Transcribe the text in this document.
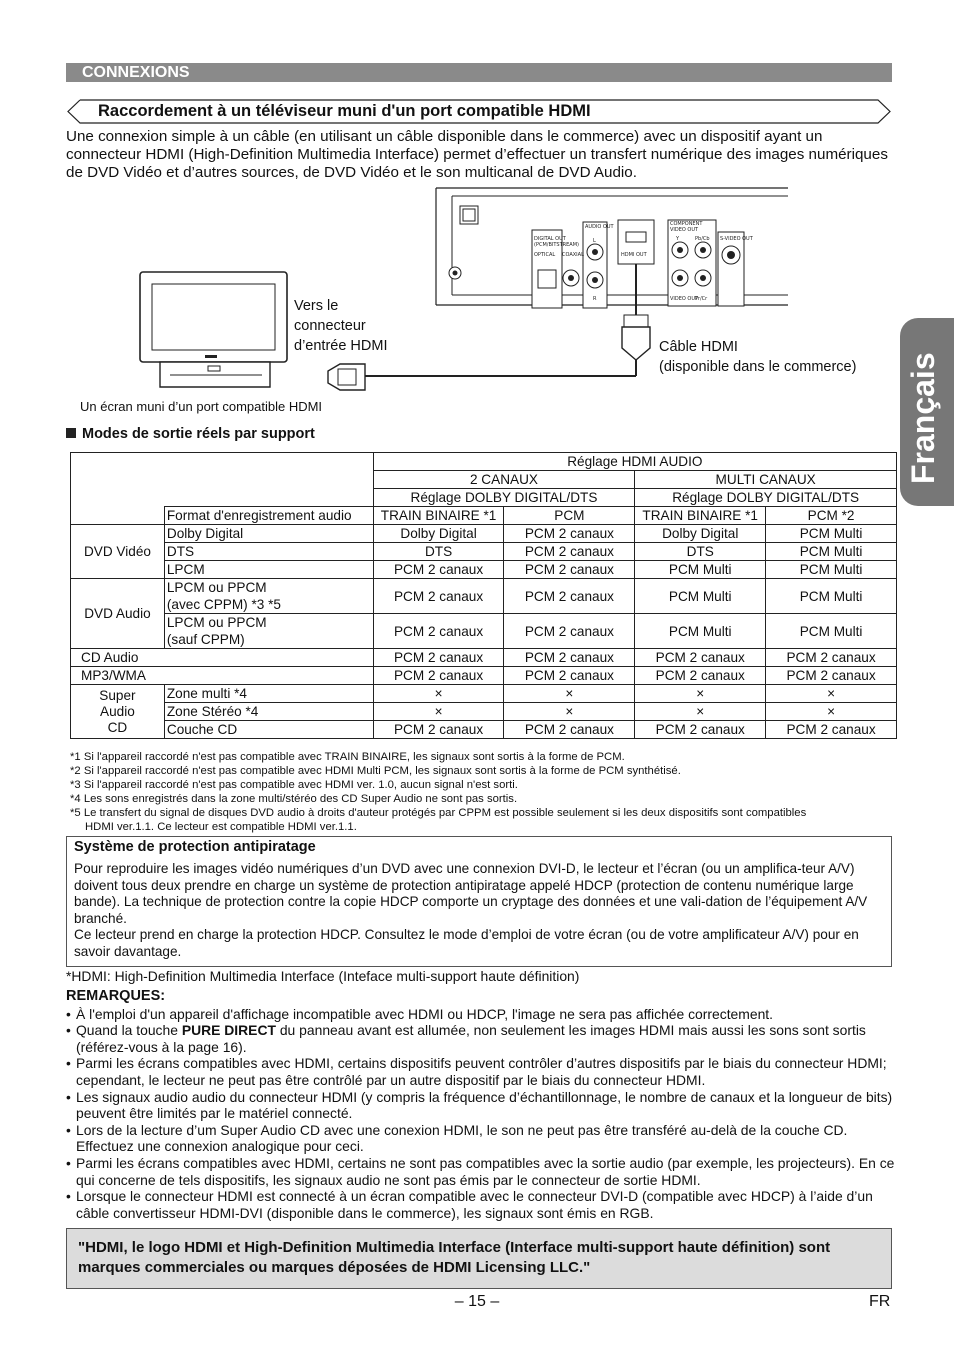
CONNEXIONS
Raccordement à un téléviseur muni d'un port compatible HDMI
Une connexion simple à un câble (en utilisant un câble disponible dans le commerce) avec un dispositif ayant un connecteur HDMI (High-Definition Multimedia Interface) permet d’effectuer un transfert numérique des images numériques de DVD Vidéo et d’autres sources, de DVD Vidéo et le son multicanal de DVD Audio.
Français
DIGITAL OUT
(PCM/BITSTREAM)
OPTICAL COAXIAL
AUDIO OUT
L
R
HDMI OUT
COMPONENT
VIDEO OUT
Y	Pb/Cb
Pr/Cr
S-VIDEO OUT
VIDEO OUT
Vers le
connecteur
d’entrée HDMI	Câble HDMI
(disponible dans le commerce)
Un écran muni d’un port compatible HDMI
Modes de sortie réels par support
		Réglage HDMI AUDIO			
		2 CANAUX		MULTI CANAUX	
		Réglage DOLBY DIGITAL/DTS		Réglage DOLBY DIGITAL/DTS	
	Format d'enregistrement audio	TRAIN BINAIRE *1	PCM	TRAIN BINAIRE *1	PCM *2
DVD Vidéo	Dolby Digital	Dolby Digital	PCM 2 canaux	Dolby Digital	PCM Multi
	DTS	DTS	PCM 2 canaux	DTS	PCM Multi
	LPCM	PCM 2 canaux	PCM 2 canaux	PCM Multi	PCM Multi
DVD Audio	LPCM ou PPCM
(avec CPPM) *3 *5	PCM 2 canaux	PCM 2 canaux	PCM Multi	PCM Multi

	LPCM ou PPCM
(sauf CPPM)	PCM 2 canaux	PCM 2 canaux	PCM Multi	PCM Multi
CD Audio		PCM 2 canaux	PCM 2 canaux	PCM 2 canaux	PCM 2 canaux
MP3/WMA		PCM 2 canaux	PCM 2 canaux	PCM 2 canaux	PCM 2 canaux

Super
Audio
CD	Zone multi *4	×	×	×	×
	Zone Stéréo *4	×	×	×	×
	Couche CD	PCM 2 canaux	PCM 2 canaux	PCM 2 canaux	PCM 2 canaux
*1 Si l'appareil raccordé n'est pas compatible avec TRAIN BINAIRE, les signaux sont sortis à la forme de PCM.
*2 Si l'appareil raccordé n'est pas compatible avec HDMI Multi PCM, les signaux sont sortis à la forme de PCM synthétisé.
*3 Si l'appareil raccordé n'est pas compatible avec HDMI ver. 1.0, aucun signal n'est sorti.
*4 Les sons enregistrés dans la zone multi/stéréo des CD Super Audio ne sont pas sortis.
*5 Le transfert du signal de disques DVD audio à droits d'auteur protégés par CPPM est possible seulement si les deux dispositifs sont compatibles
HDMI ver.1.1. Ce lecteur est compatible HDMI ver.1.1.
Système de protection antipiratage
Pour reproduire les images vidéo numériques d’un DVD avec une connexion DVI-D, le lecteur et l’écran (ou un amplifica-teur A/V) doivent tous deux prendre en charge un système de protection antipiratage appelé HDCP (protection de contenu numérique large bande). La technique de protection contre la copie HDCP comporte un cryptage des données et une vali-dation de l’équipement A/V branché.
Ce lecteur prend en charge la protection HDCP. Consultez le mode d’emploi de votre écran (ou de votre amplificateur A/V) pour en savoir davantage.
*HDMI: High-Definition Multimedia Interface (Inteface multi-support haute définition)
REMARQUES:
• À l'emploi d'un appareil d'affichage incompatible avec HDMI ou HDCP, l'image ne sera pas affichée correctement.
• Quand la touche PURE DIRECT du panneau avant est allumée, non seulement les images HDMI mais aussi les sons sont sortis (référez-vous à la page 16).
• Parmi les écrans compatibles avec HDMI, certains dispositifs peuvent contrôler d’autres dispositifs par le biais du connecteur HDMI; cependant, le lecteur ne peut pas être contrôlé par un autre dispositif par le biais du connecteur HDMI.
• Les signaux audio audio du connecteur HDMI (y compris la fréquence d’échantillonnage, le nombre de canaux et la longueur de bits) peuvent être limités par le matériel connecté.
• Lors de la lecture d’um Super Audio CD avec une conexion HDMI, le son ne peut pas être transféré au-delà de la couche CD. Effectuez une connexion analogique pour ceci.
• Parmi les écrans compatibles avec HDMI, certains ne sont pas compatibles avec la sortie audio (par exemple, les projecteurs). En ce qui concerne de tels dispositifs, les signaux audio ne sont pas émis par le connecteur de sortie HDMI.
• Lorsque le connecteur HDMI est connecté à un écran compatible avec le connecteur DVI-D (compatible avec HDCP) à l’aide d’un câble convertisseur HDMI-DVI (disponible dans le commerce), les signaux sont émis en RGB.
"HDMI, le logo HDMI et High-Definition Multimedia Interface (Interface multi-support haute définition) sont marques commerciales ou marques déposées de HDMI Licensing LLC."
– 15 –	FR
